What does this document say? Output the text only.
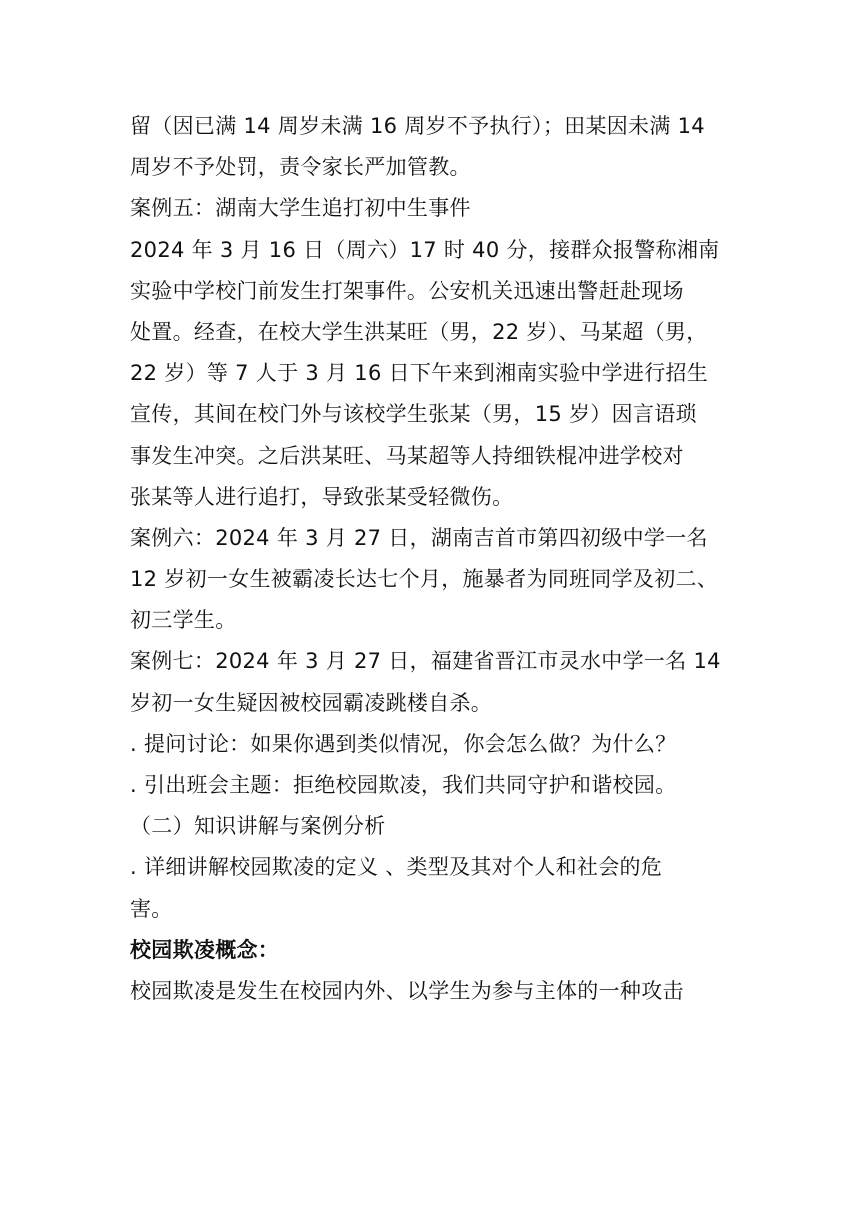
留（因已满 14 周岁未满 16 周岁不予执行）；田某因未满 14
周岁不予处罚，责令家长严加管教。
案例五：湖南大学生追打初中生事件
2024 年 3 月 16 日（周六）17 时 40 分，接群众报警称湘南
实验中学校门前发生打架事件。公安机关迅速出警赶赴现场
处置。经查，在校大学生洪某旺（男，22 岁）、马某超（男，
22 岁）等 7 人于 3 月 16 日下午来到湘南实验中学进行招生
宣传，其间在校门外与该校学生张某（男，15 岁）因言语琐
事发生冲突。之后洪某旺、马某超等人持细铁棍冲进学校对
张某等人进行追打，导致张某受轻微伤。
案例六：2024 年 3 月 27 日，湖南吉首市第四初级中学一名
12 岁初一女生被霸凌长达七个月，施暴者为同班同学及初二、
初三学生。
案例七：2024 年 3 月 27 日，福建省晋江市灵水中学一名 14
岁初一女生疑因被校园霸凌跳楼自杀。
. 提问讨论：如果你遇到类似情况，你会怎么做？为什么？
. 引出班会主题：拒绝校园欺凌，我们共同守护和谐校园。
（二）知识讲解与案例分析
. 详细讲解校园欺凌的定义 、类型及其对个人和社会的危
害。
校园欺凌概念：
校园欺凌是发生在校园内外、以学生为参与主体的一种攻击
